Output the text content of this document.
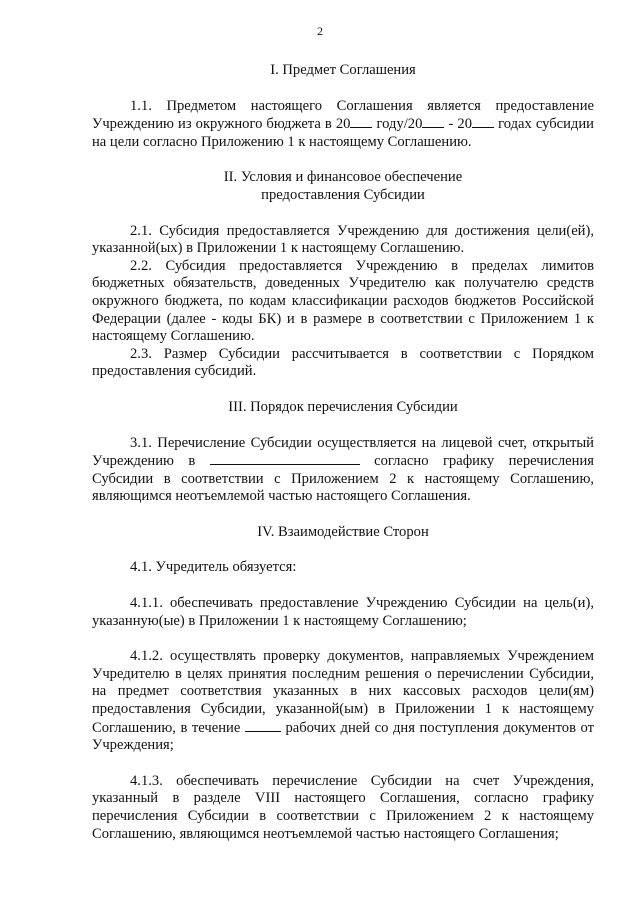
2

I. Предмет Соглашения

1.1. Предметом настоящего Соглашения является предоставление Учреждению из окружного бюджета в 20 году/20 - 20 годах субсидии на цели согласно Приложению 1 к настоящему Соглашению.

II. Условия и финансовое обеспечение

предоставления Субсидии

2.1. Субсидия предоставляется Учреждению для достижения цели(ей), указанной(ых) в Приложении 1 к настоящему Соглашению.

2.2. Субсидия предоставляется Учреждению в пределах лимитов бюджетных обязательств, доведенных Учредителю как получателю средств окружного бюджета, по кодам классификации расходов бюджетов Российской Федерации (далее - коды БК) и в размере в соответствии с Приложением 1 к настоящему Соглашению.

2.3. Размер Субсидии рассчитывается в соответствии с Порядком предоставления субсидий.

III. Порядок перечисления Субсидии

3.1. Перечисление Субсидии осуществляется на лицевой счет, открытый Учреждению в	согласно графику перечисления Субсидии в соответствии с Приложением 2 к настоящему Соглашению, являющимся неотъемлемой частью настоящего Соглашения.

IV. Взаимодействие Сторон

4.1. Учредитель обязуется:

4.1.1. обеспечивать предоставление Учреждению Субсидии на цель(и), указанную(ые) в Приложении 1 к настоящему Соглашению;

4.1.2. осуществлять проверку документов, направляемых Учреждением Учредителю в целях принятия последним решения о перечислении Субсидии, на предмет соответствия указанных в них кассовых расходов цели(ям) предоставления Субсидии, указанной(ым) в Приложении 1 к настоящему Соглашению, в течение  рабочих дней со дня поступления документов от Учреждения;

4.1.3. обеспечивать перечисление Субсидии на счет Учреждения, указанный в разделе VIII настоящего Соглашения, согласно графику перечисления Субсидии в соответствии с Приложением 2 к настоящему Соглашению, являющимся неотъемлемой частью настоящего Соглашения;
